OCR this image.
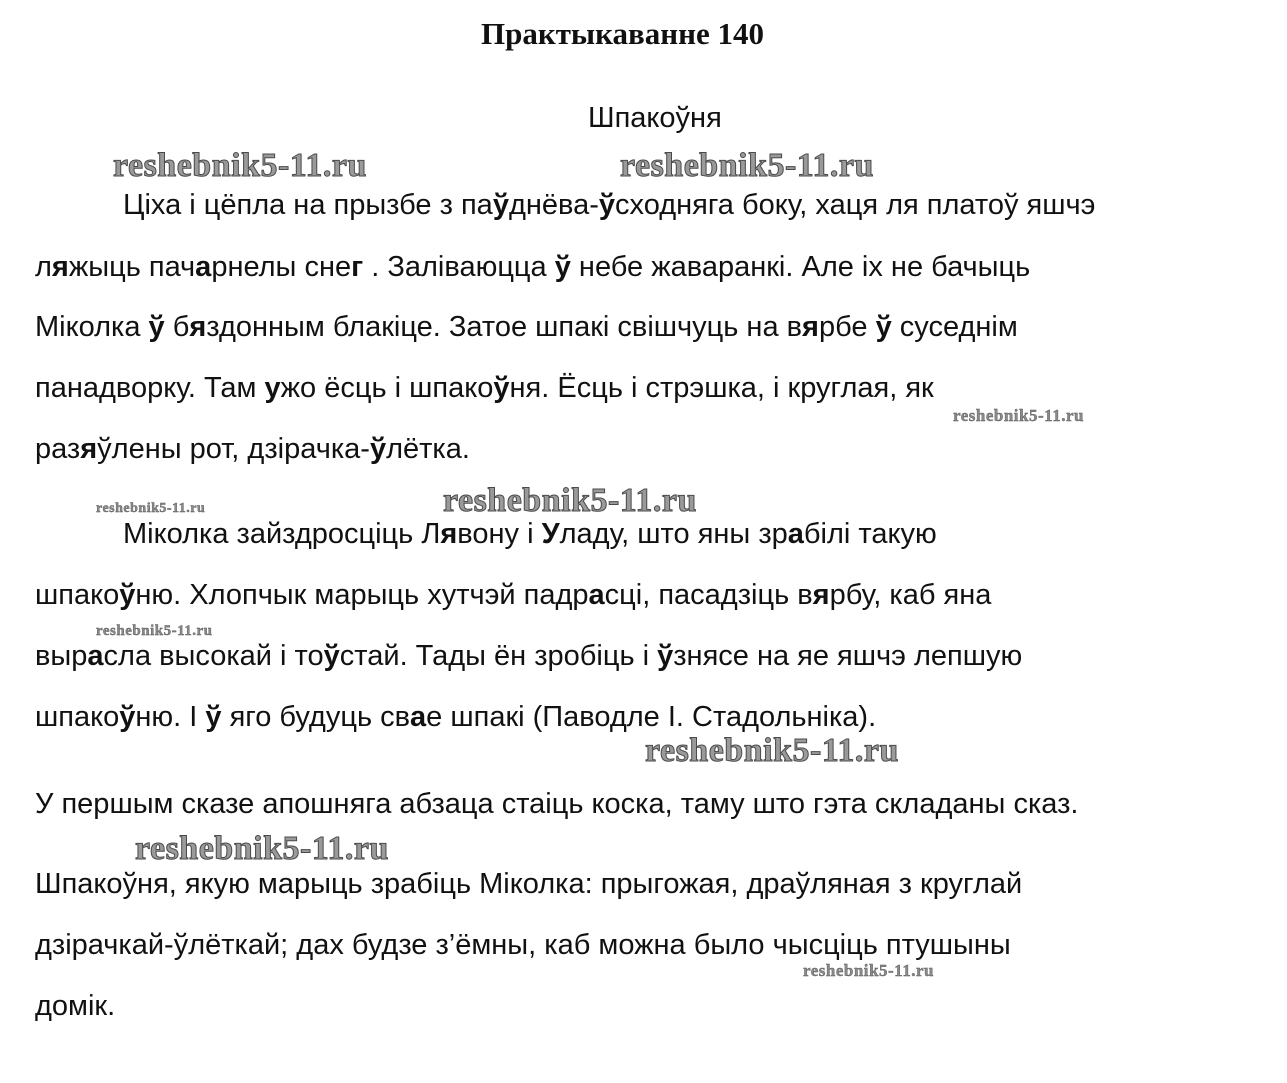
Практыкаванне 140
Шпакоўня
Ціха і цёпла на прызбе з паўднёва-ўсходняга боку, хаця ля платоў яшчэ
ляжыць пачарнелы снег . Заліваюцца ў небе жаваранкі. Але іх не бачыць
Міколка ў бяздонным блакіце. Затое шпакі свішчуць на вярбе ў суседнім
панадворку. Там ужо ёсць і шпакоўня. Ёсць і стрэшка, і круглая, як
разяўлены рот, дзірачка-ўлётка.
Міколка зайздросціць Лявону і Уладу, што яны зрабілі такую
шпакоўню. Хлопчык марыць хутчэй падрасці, пасадзіць вярбу, каб яна
вырасла высокай і тоўстай. Тады ён зробіць і ўзнясе на яе яшчэ лепшую
шпакоўню. І ў яго будуць свае шпакі (Паводле І. Стадольніка).
У першым сказе апошняга абзаца стаіць коска, таму што гэта складаны сказ.
Шпакоўня, якую марыць зрабіць Міколка: прыгожая, драўляная з круглай
дзірачкай-ўлёткай; дах будзе з’ёмны, каб можна было чысціць птушыны
домік.
reshebnik5-11.ru	reshebnik5-11.ru
reshebnik5-11.ru
reshebnik5-11.ru
reshebnik5-11.ru
reshebnik5-11.ru
reshebnik5-11.ru
reshebnik5-11.ru
reshebnik5-11.ru
